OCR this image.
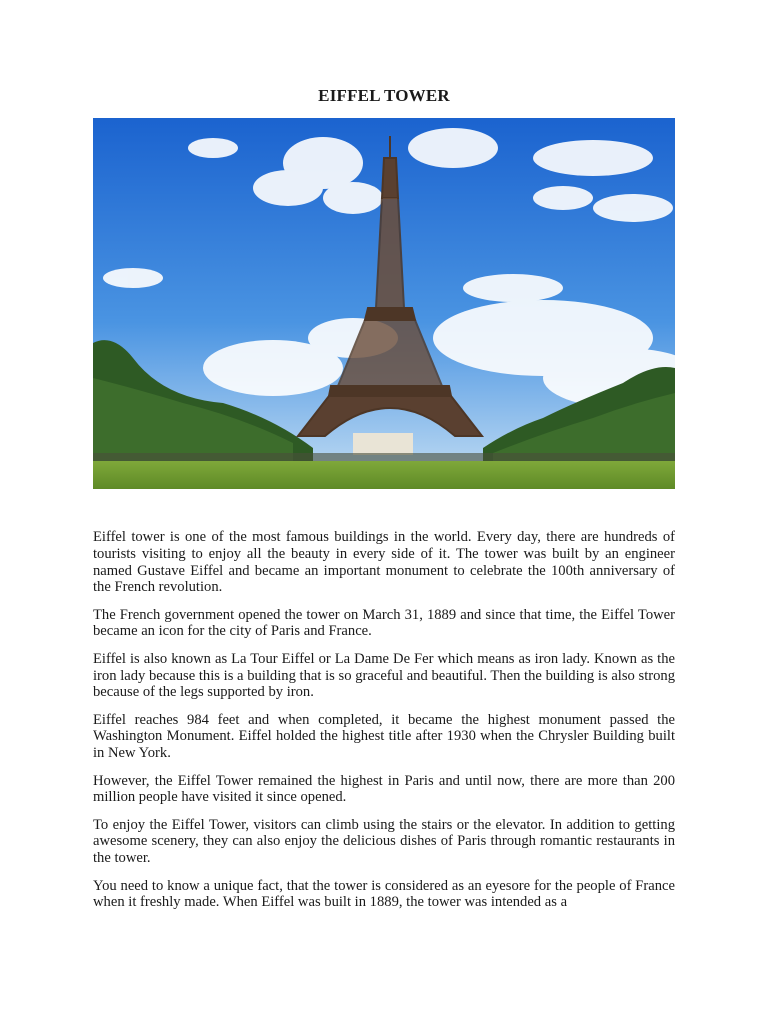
EIFFEL TOWER

Eiffel tower is one of the most famous buildings in the world. Every day, there are hundreds of tourists visiting to enjoy all the beauty in every side of it. The tower was built by an engineer named Gustave Eiffel and became an important monument to celebrate the 100th anniversary of the French revolution.

The French government opened the tower on March 31, 1889 and since that time, the Eiffel Tower became an icon for the city of Paris and France.

Eiffel is also known as La Tour Eiffel or La Dame De Fer which means as iron lady. Known as the iron lady because this is a building that is so graceful and beautiful. Then the building is also strong because of the legs supported by iron.

Eiffel reaches 984 feet and when completed, it became the highest monument passed the Washington Monument. Eiffel holded the highest title after 1930 when the Chrysler Building built in New York.

However, the Eiffel Tower remained the highest in Paris and until now, there are more than 200 million people have visited it since opened.

To enjoy the Eiffel Tower, visitors can climb using the stairs or the elevator. In addition to getting awesome scenery, they can also enjoy the delicious dishes of Paris through romantic restaurants in the tower.

You need to know a unique fact, that the tower is considered as an eyesore for the people of France when it freshly made. When Eiffel was built in 1889, the tower was intended as a
